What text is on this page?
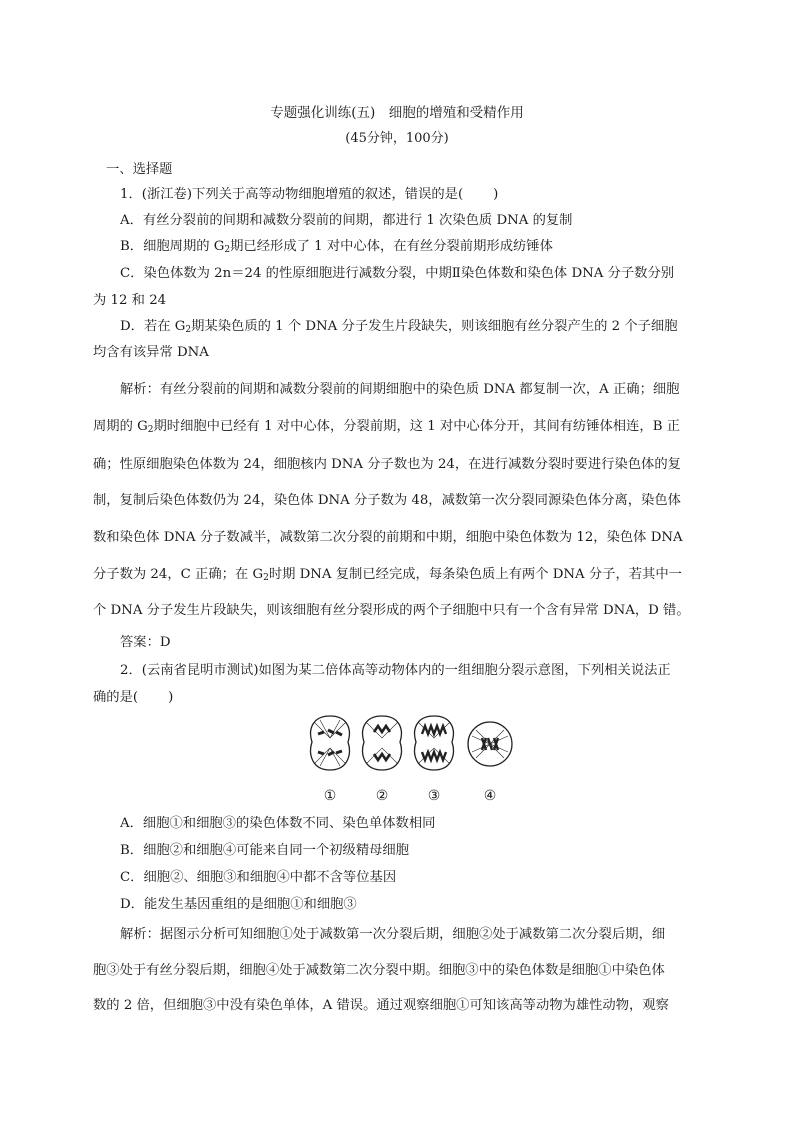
专题强化训练(五)　细胞的增殖和受精作用
(45分钟，100分)
一、选择题
1．(浙江卷)下列关于高等动物细胞增殖的叙述，错误的是( )
A．有丝分裂前的间期和减数分裂前的间期，都进行 1 次染色质 DNA 的复制
B．细胞周期的 $G_2$期已经形成了 1 对中心体，在有丝分裂前期形成纺锤体
C．染色体数为 2n＝24 的性原细胞进行减数分裂，中期Ⅱ染色体数和染色体 DNA 分子数分别
为 12 和 24
D．若在 $G_2$期某染色质的 1 个 DNA 分子发生片段缺失，则该细胞有丝分裂产生的 2 个子细胞
均含有该异常 DNA
解析：有丝分裂前的间期和减数分裂前的间期细胞中的染色质 DNA 都复制一次，A 正确；细胞
周期的 $G_2$期时细胞中已经有 1 对中心体，分裂前期，这 1 对中心体分开，其间有纺锤体相连，B 正
确；性原细胞染色体数为 24，细胞核内 DNA 分子数也为 24，在进行减数分裂时要进行染色体的复
制，复制后染色体数仍为 24，染色体 DNA 分子数为 48，减数第一次分裂同源染色体分离，染色体
数和染色体 DNA 分子数减半，减数第二次分裂的前期和中期，细胞中染色体数为 12，染色体 DNA
分子数为 24，C 正确；在 $G_2$时期 DNA 复制已经完成，每条染色质上有两个 DNA 分子，若其中一
个 DNA 分子发生片段缺失，则该细胞有丝分裂形成的两个子细胞中只有一个含有异常 DNA，D 错。
答案：D
2．(云南省昆明市测试)如图为某二倍体高等动物体内的一组细胞分裂示意图，下列相关说法正
确的是( )
①	②	③	④
A．细胞①和细胞③的染色体数不同、染色单体数相同
B．细胞②和细胞④可能来自同一个初级精母细胞
C．细胞②、细胞③和细胞④中都不含等位基因
D．能发生基因重组的是细胞①和细胞③
解析：据图示分析可知细胞①处于减数第一次分裂后期，细胞②处于减数第二次分裂后期，细
胞③处于有丝分裂后期，细胞④处于减数第二次分裂中期。细胞③中的染色体数是细胞①中染色体
数的 2 倍，但细胞③中没有染色单体，A 错误。通过观察细胞①可知该高等动物为雄性动物，观察
